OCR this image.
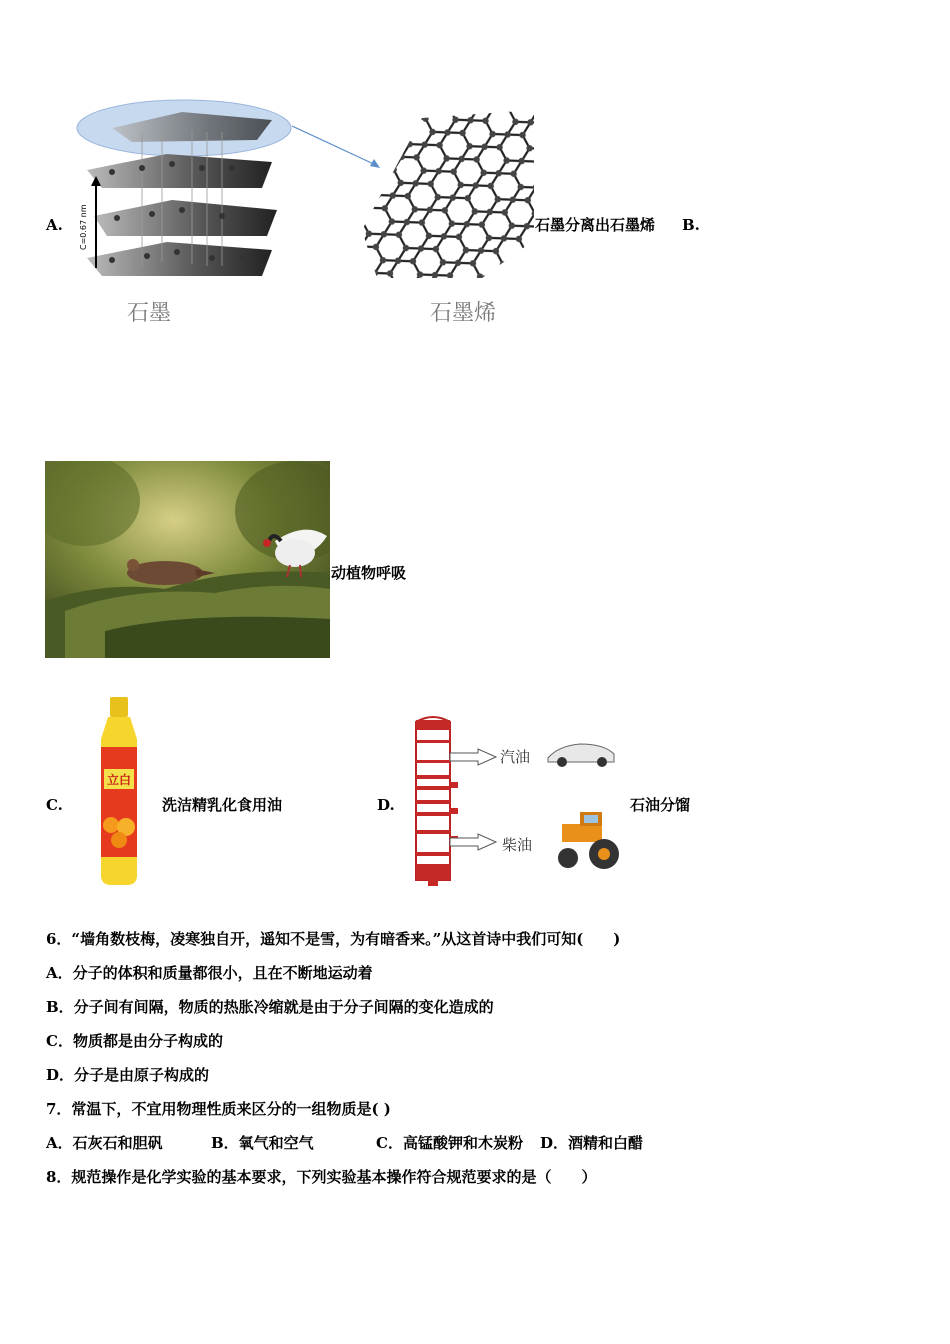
A. C=0.67 nm
石墨	石墨烯
石墨分离出石墨烯 B.
动植物呼吸
C.
立白
洗洁精乳化食用油	D.
汽油
柴油
石油分馏
6．“墙角数枝梅，凌寒独自开，遥知不是雪，为有暗香来。”从这首诗中我们可知(　　)
A．分子的体积和质量都很小，且在不断地运动着
B．分子间有间隔，物质的热胀冷缩就是由于分子间隔的变化造成的
C．物质都是由分子构成的
D．分子是由原子构成的
7．常温下，不宜用物理性质来区分的一组物质是( )
A．石灰石和胆矾	B．氧气和空气	C．高锰酸钾和木炭粉 D．酒精和白醋
8．规范操作是化学实验的基本要求，下列实验基本操作符合规范要求的是（　　）
